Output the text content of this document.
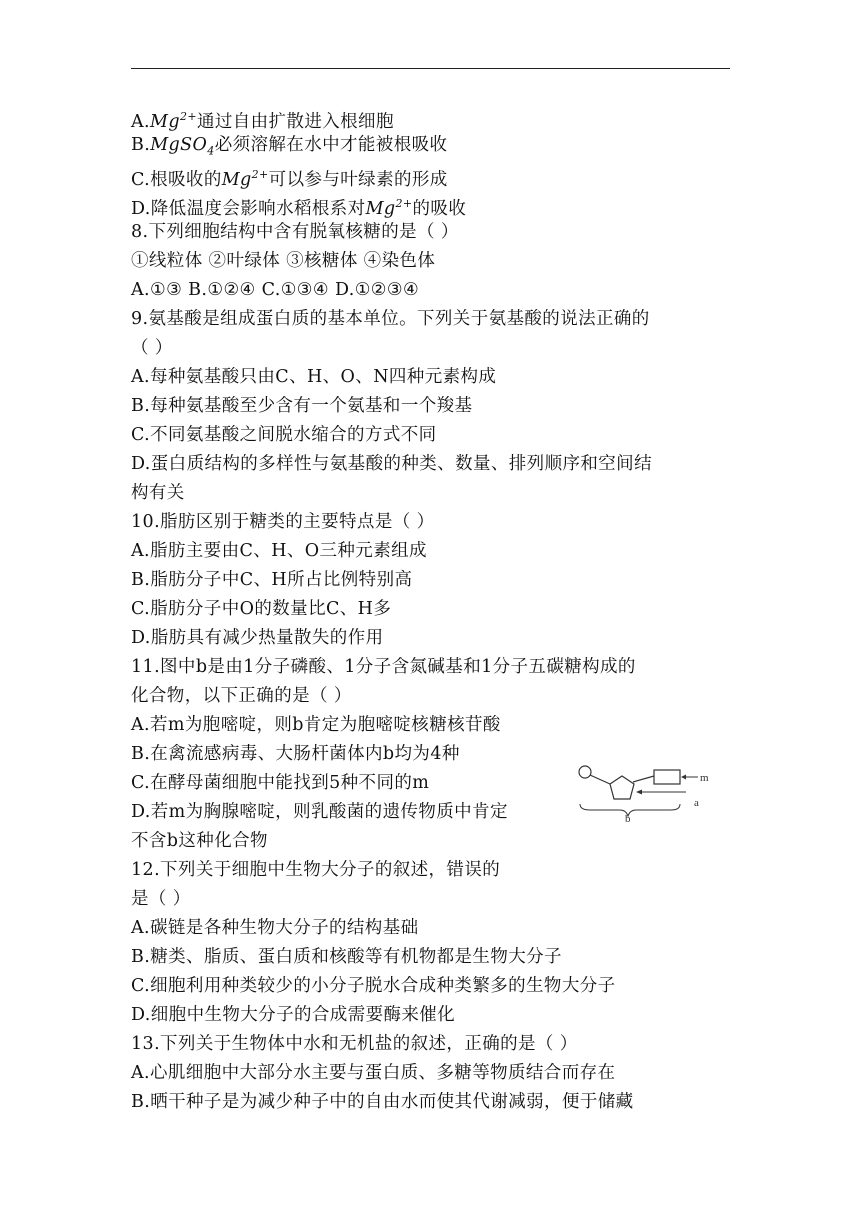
$A.Mg^{2+}$通过自由扩散进入根细胞
B.MgSO$_4$必须溶解在水中才能被根吸收
C.根吸收的$Mg^{2+}$可以参与叶绿素的形成
D.降低温度会影响水稻根系对$Mg^{2+}$的吸收
8.下列细胞结构中含有脱氧核糖的是（ ）
①线粒体 ②叶绿体 ③核糖体 ④染色体
A.①③ B.①②④ C.①③④ D.①②③④
9.氨基酸是组成蛋白质的基本单位。下列关于氨基酸的说法正确的
（ ）
A.每种氨基酸只由C、H、O、N四种元素构成
B.每种氨基酸至少含有一个氨基和一个羧基
C.不同氨基酸之间脱水缩合的方式不同
D.蛋白质结构的多样性与氨基酸的种类、数量、排列顺序和空间结
构有关
10.脂肪区别于糖类的主要特点是（ ）
A.脂肪主要由C、H、O三种元素组成
B.脂肪分子中C、H所占比例特别高
C.脂肪分子中O的数量比C、H多
D.脂肪具有减少热量散失的作用
11.图中b是由1分子磷酸、1分子含氮碱基和1分子五碳糖构成的
化合物，以下正确的是（ ）
A.若m为胞嘧啶，则b肯定为胞嘧啶核糖核苷酸
B.在禽流感病毒、大肠杆菌体内b均为4种
C.在酵母菌细胞中能找到5种不同的m
D.若m为胸腺嘧啶，则乳酸菌的遗传物质中肯定
不含b这种化合物
12.下列关于细胞中生物大分子的叙述，错误的
是（ ）
A.碳链是各种生物大分子的结构基础
B.糖类、脂质、蛋白质和核酸等有机物都是生物大分子
C.细胞利用种类较少的小分子脱水合成种类繁多的生物大分子
D.细胞中生物大分子的合成需要酶来催化
13.下列关于生物体中水和无机盐的叙述，正确的是（ ）
A.心肌细胞中大部分水主要与蛋白质、多糖等物质结合而存在
B.晒干种子是为减少种子中的自由水而使其代谢减弱，便于储藏
m
a
b
